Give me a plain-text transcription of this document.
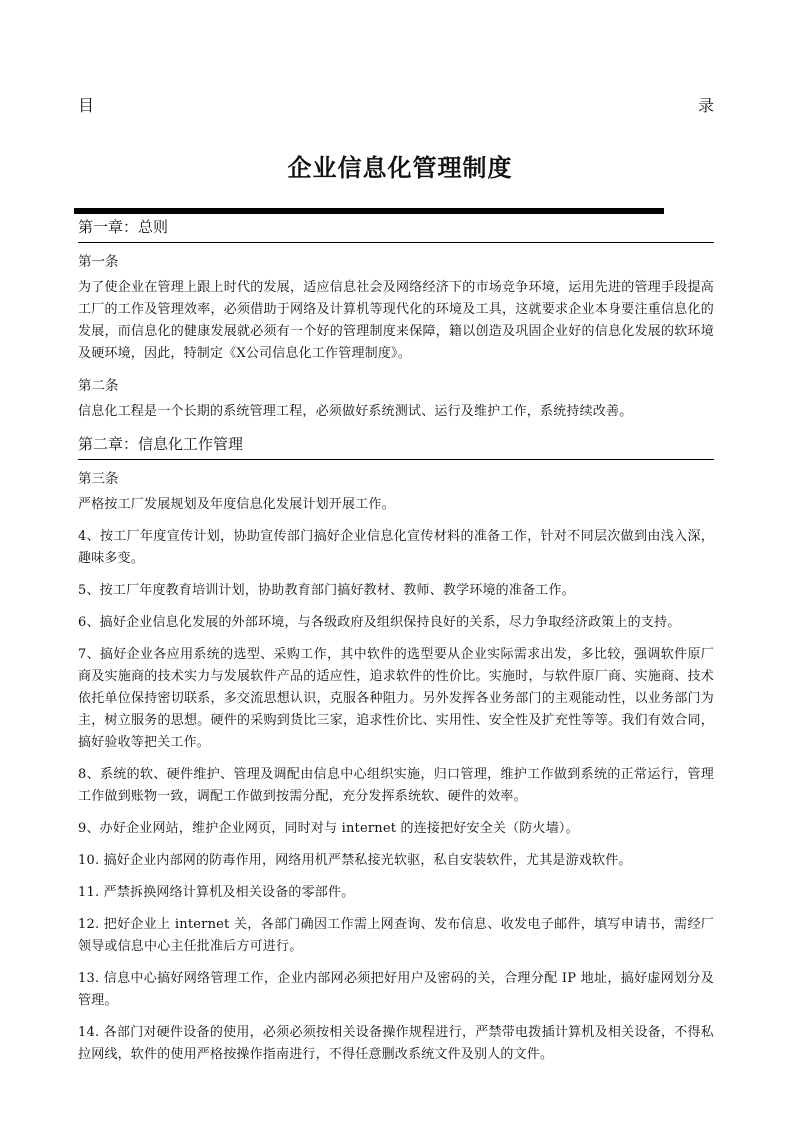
目	录
企业信息化管理制度
第一章：总则
第一条

为了使企业在管理上跟上时代的发展，适应信息社会及网络经济下的市场竞争环境，运用先进的管理手段提高工厂的工作及管理效率，必须借助于网络及计算机等现代化的环境及工具，这就要求企业本身要注重信息化的发展，而信息化的健康发展就必须有一个好的管理制度来保障，籍以创造及巩固企业好的信息化发展的软环境及硬环境，因此，特制定《X公司信息化工作管理制度》。

第二条

信息化工程是一个长期的系统管理工程，必须做好系统测试、运行及维护工作，系统持续改善。

第二章：信息化工作管理
第三条

严格按工厂发展规划及年度信息化发展计划开展工作。

4、按工厂年度宣传计划，协助宣传部门搞好企业信息化宣传材料的准备工作，针对不同层次做到由浅入深，趣味多变。

5、按工厂年度教育培训计划，协助教育部门搞好教材、教师、教学环境的准备工作。

6、搞好企业信息化发展的外部环境，与各级政府及组织保持良好的关系，尽力争取经济政策上的支持。

7、搞好企业各应用系统的选型、采购工作，其中软件的选型要从企业实际需求出发，多比较，强调软件原厂商及实施商的技术实力与发展软件产品的适应性，追求软件的性价比。实施时，与软件原厂商、实施商、技术依托单位保持密切联系，多交流思想认识，克服各种阻力。另外发挥各业务部门的主观能动性，以业务部门为主，树立服务的思想。硬件的采购到货比三家，追求性价比、实用性、安全性及扩充性等等。我们有效合同，搞好验收等把关工作。

8、系统的软、硬件维护、管理及调配由信息中心组织实施，归口管理，维护工作做到系统的正常运行，管理工作做到账物一致，调配工作做到按需分配，充分发挥系统软、硬件的效率。

9、办好企业网站，维护企业网页，同时对与 internet 的连接把好安全关（防火墙）。

10. 搞好企业内部网的防毒作用，网络用机严禁私接光软驱，私自安装软件，尤其是游戏软件。

11. 严禁拆换网络计算机及相关设备的零部件。

12. 把好企业上 internet 关，各部门确因工作需上网查询、发布信息、收发电子邮件，填写申请书，需经厂领导或信息中心主任批准后方可进行。

13. 信息中心搞好网络管理工作，企业内部网必须把好用户及密码的关，合理分配 IP 地址，搞好虚网划分及管理。

14. 各部门对硬件设备的使用，必须必须按相关设备操作规程进行，严禁带电拨插计算机及相关设备，不得私拉网线，软件的使用严格按操作指南进行，不得任意删改系统文件及别人的文件。
